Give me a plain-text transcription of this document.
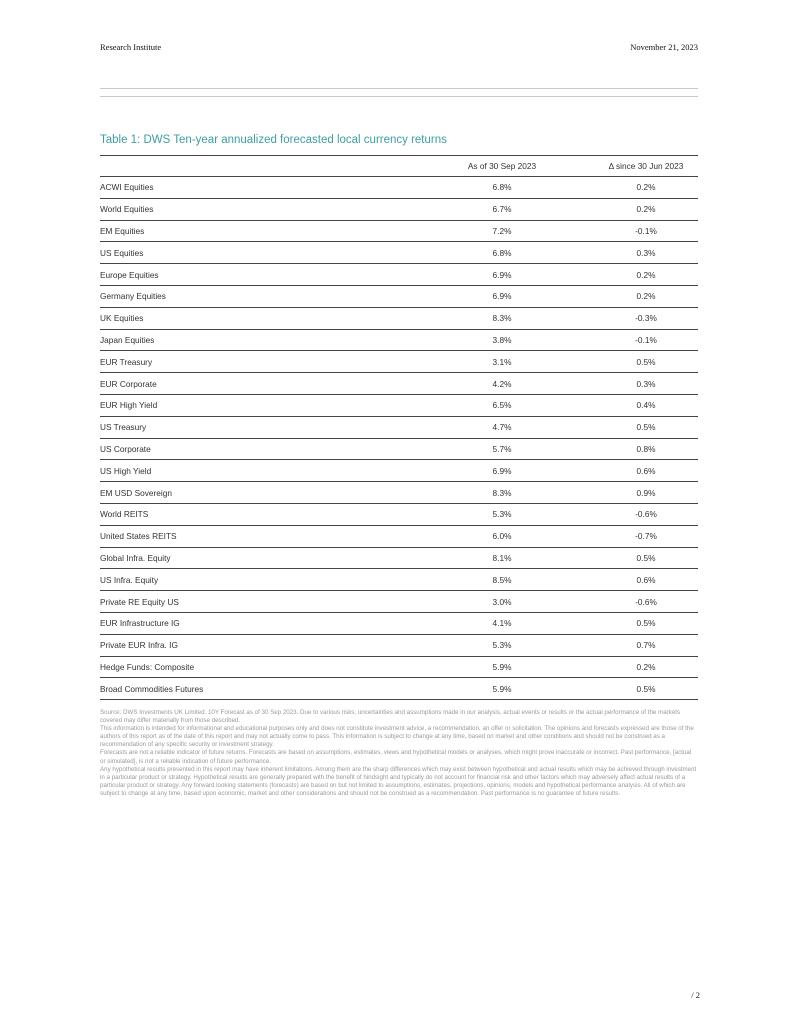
Research Institute	November 21, 2023
Table 1: DWS Ten-year annualized forecasted local currency returns
As of 30 Sep 2023	Δ since 30 Jun 2023
ACWI Equities	6.8%	0.2%
World Equities	6.7%	0.2%
EM Equities	7.2%	-0.1%
US Equities	6.8%	0.3%
Europe Equities	6.9%	0.2%
Germany Equities	6.9%	0.2%
UK Equities	8.3%	-0.3%
Japan Equities	3.8%	-0.1%
EUR Treasury	3.1%	0.5%
EUR Corporate	4.2%	0.3%
EUR High Yield	6.5%	0.4%
US Treasury	4.7%	0.5%
US Corporate	5.7%	0.8%
US High Yield	6.9%	0.6%
EM USD Sovereign	8.3%	0.9%
World REITS	5.3%	-0.6%
United States REITS	6.0%	-0.7%
Global Infra. Equity	8.1%	0.5%
US Infra. Equity	8.5%	0.6%
Private RE Equity US	3.0%	-0.6%
EUR Infrastructure IG	4.1%	0.5%
Private EUR Infra. IG	5.3%	0.7%
Hedge Funds: Composite	5.9%	0.2%
Broad Commodities Futures	5.9%	0.5%

Source: DWS Investments UK Limited. 10Y Forecast as of 30 Sep 2023. Due to various risks, uncertainties and assumptions made in our analysis, actual events or results or the actual performance of the markets covered may differ materially from those described.

This information is intended for informational and educational purposes only and does not constitute investment advice, a recommendation, an offer or solicitation. The opinions and forecasts expressed are those of the authors of this report as of the date of this report and may not actually come to pass. This information is subject to change at any time, based on market and other conditions and should not be construed as a recommendation of any specific security or investment strategy.

Forecasts are not a reliable indicator of future returns. Forecasts are based on assumptions, estimates, views and hypothetical models or analyses, which might prove inaccurate or incorrect. Past performance, [actual or simulated], is not a reliable indication of future performance.

Any hypothetical results presented in this report may have inherent limitations. Among them are the sharp differences which may exist between hypothetical and actual results which may be achieved through investment in a particular product or strategy. Hypothetical results are generally prepared with the benefit of hindsight and typically do not account for financial risk and other factors which may adversely affect actual results of a particular product or strategy. Any forward looking statements (forecasts) are based on but not limited to assumptions, estimates, projections, opinions, models and hypothetical performance analysis. All of which are subject to change at any time, based upon economic, market and other considerations and should not be construed as a recommendation. Past performance is no guarantee of future results.

/ 2
